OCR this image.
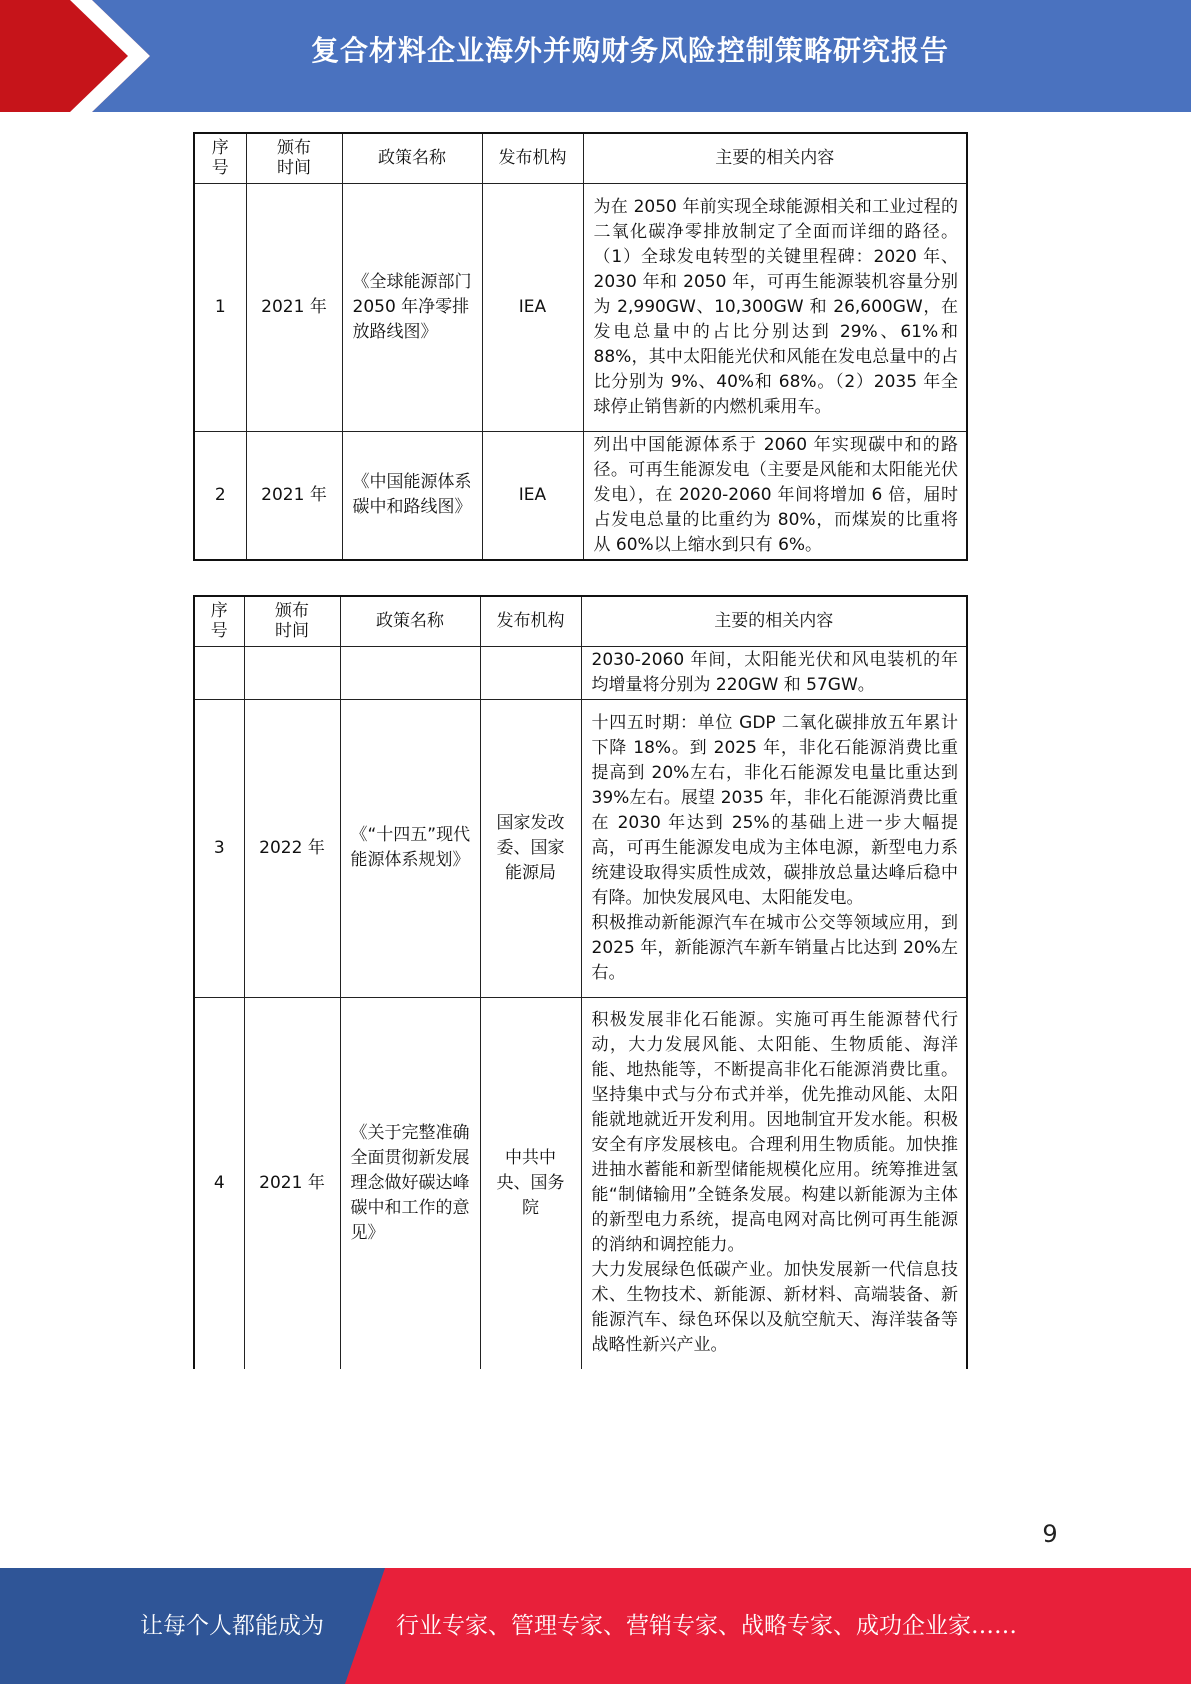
复合材料企业海外并购财务风险控制策略研究报告
序号	颁布时间	政策名称	发布机构	主要的相关内容
1	2021 年	《全球能源部门 2050 年净零排放路线图》	IEA	为在 2050 年前实现全球能源相关和工业过程的二氧化碳净零排放制定了全面而详细的路径。（1）全球发电转型的关键里程碑：2020 年、2030 年和 2050 年，可再生能源装机容量分别为 2,990GW、10,300GW 和 26,600GW，在发电总量中的占比分别达到 29%、61%和 88%，其中太阳能光伏和风能在发电总量中的占比分别为 9%、40%和 68%。（2）2035 年全球停止销售新的内燃机乘用车。
2	2021 年	《中国能源体系碳中和路线图》	IEA	列出中国能源体系于 2060 年实现碳中和的路径。可再生能源发电（主要是风能和太阳能光伏发电），在 2020-2060 年间将增加 6 倍，届时占发电总量的比重约为 80%，而煤炭的比重将从 60%以上缩水到只有 6%。
序号	颁布时间	政策名称	发布机构	主要的相关内容
				2030-2060 年间，太阳能光伏和风电装机的年均增量将分别为 220GW 和 57GW。
3	2022 年	《“十四五”现代能源体系规划》	国家发改委、国家能源局	十四五时期：单位 GDP 二氧化碳排放五年累计下降 18%。到 2025 年，非化石能源消费比重提高到 20%左右，非化石能源发电量比重达到 39%左右。展望 2035 年，非化石能源消费比重在 2030 年达到 25%的基础上进一步大幅提高，可再生能源发电成为主体电源，新型电力系统建设取得实质性成效，碳排放总量达峰后稳中有降。加快发展风电、太阳能发电。
积极推动新能源汽车在城市公交等领域应用，到 2025 年，新能源汽车新车销量占比达到 20%左右。

4	2021 年	《关于完整准确全面贯彻新发展理念做好碳达峰碳中和工作的意见》	中共中央、国务院	积极发展非化石能源。实施可再生能源替代行动，大力发展风能、太阳能、生物质能、海洋能、地热能等，不断提高非化石能源消费比重。坚持集中式与分布式并举，优先推动风能、太阳能就地就近开发利用。因地制宜开发水能。积极安全有序发展核电。合理利用生物质能。加快推进抽水蓄能和新型储能规模化应用。统筹推进氢能“制储输用”全链条发展。构建以新能源为主体的新型电力系统，提高电网对高比例可再生能源的消纳和调控能力。
大力发展绿色低碳产业。加快发展新一代信息技术、生物技术、新能源、新材料、高端装备、新能源汽车、绿色环保以及航空航天、海洋装备等战略性新兴产业。
9
让每个人都能成为	行业专家、管理专家、营销专家、战略专家、成功企业家……
